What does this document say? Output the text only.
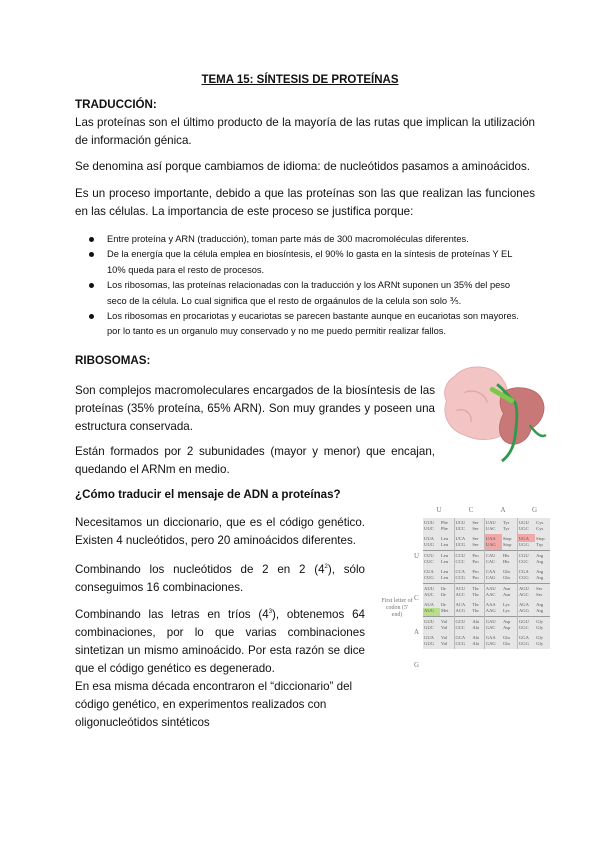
TEMA 15: SÍNTESIS DE PROTEÍNAS
TRADUCCIÓN:
Las proteínas son el último producto de la mayoría de las rutas que implican la utilización de información génica.
Se denomina así porque cambiamos de idioma: de nucleótidos pasamos a aminoácidos.
Es un proceso importante, debido a que las proteínas son las que realizan las funciones en las células. La importancia de este proceso se justifica porque:
Entre proteína y ARN (traducción), toman parte más de 300 macromoléculas diferentes.
De la energía que la célula emplea en biosíntesis, el 90% lo gasta en la síntesis de proteínas Y EL 10% queda para el resto de procesos.
Los ribosomas, las proteínas relacionadas con la traducción y los ARNt suponen un 35% del peso seco de la célula. Lo cual significa que el resto de orgaánulos de la celula son solo ⅗.
Los ribosomas en procariotas y eucariotas se parecen bastante aunque en eucariotas son mayores. por lo tanto es un organulo muy conservado y no me puedo permitir realizar fallos.
RIBOSOMAS:
Son complejos macromoleculares encargados de la biosíntesis de las proteínas (35% proteína, 65% ARN). Son muy grandes y poseen una estructura conservada.
Están formados por 2 subunidades (mayor y menor) que encajan, quedando el ARNm en medio.
¿Cómo traducir el mensaje de ADN a proteínas?
Necesitamos un diccionario, que es el código genético. Existen 4 nucleótidos, pero 20 aminoácidos diferentes.
Combinando los nucleótidos de 2 en 2 $(4^2)$, sólo conseguimos 16 combinaciones.
Combinando las letras en tríos $(4^3)$, obtenemos 64 combinaciones, por lo que varias combinaciones sintetizan un mismo aminoácido. Por esta razón se dice que el código genético es degenerado.
En esa misma década encontraron el “diccionario” del código genético, en experimentos realizados con oligonucleótidos sintéticos
First letter of codon (5' end)
U	C	A	G
U
C
A
G
UUU	Phe	UCU	Ser	UAU	Tyr	UGU	Cys
UUC	Phe	UCC	Ser	UAC	Tyr	UGC	Cys
UUA	Leu	UCA	Ser	UAA	Stop	UGA	Stop
UUG	Leu	UCG	Ser	UAG	Stop	UGG	Trp
CUU	Leu	CCU	Pro	CAU	His	CGU	Arg
CUC	Leu	CCC	Pro	CAC	His	CGC	Arg
CUA	Leu	CCA	Pro	CAA	Gln	CGA	Arg
CUG	Leu	CCG	Pro	CAG	Gln	CGG	Arg
AUU	Ile	ACU	Thr	AAU	Asn	AGU	Ser
AUC	Ile	ACC	Thr	AAC	Asn	AGC	Ser
AUA	Ile	ACA	Thr	AAA	Lys	AGA	Arg
AUG	Met	ACG	Thr	AAG	Lys	AGG	Arg
GUU	Val	GCU	Ala	GAU	Asp	GGU	Gly
GUC	Val	GCC	Ala	GAC	Asp	GGC	Gly
GUA	Val	GCA	Ala	GAA	Glu	GGA	Gly
GUG	Val	GCG	Ala	GAG	Glu	GGG	Gly
